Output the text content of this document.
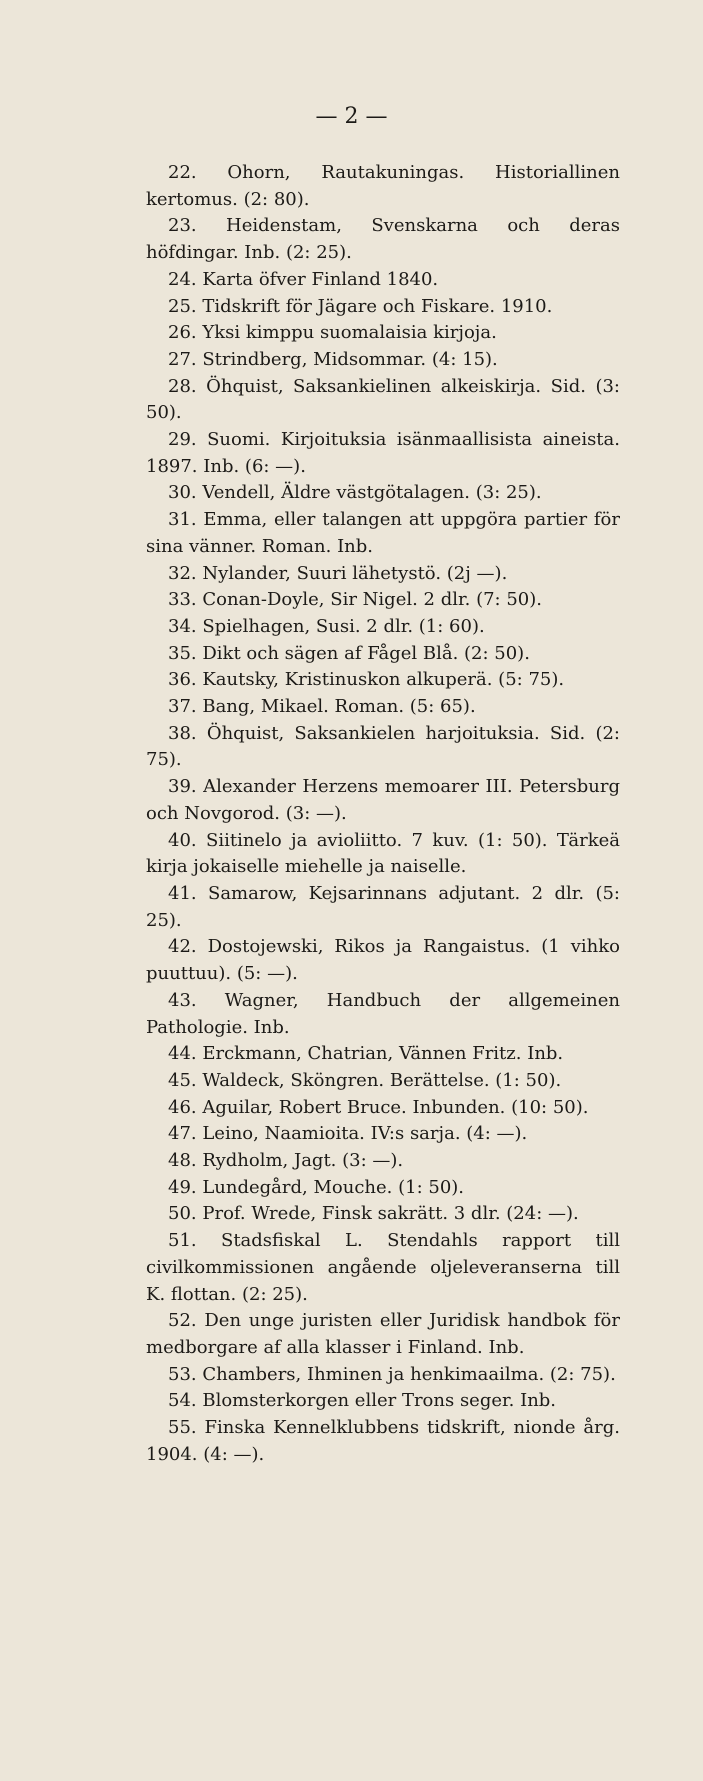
— 2 —

22. Ohorn, Rautakuningas. Historiallinen kertomus. (2: 80).

23. Heidenstam, Svenskarna och deras höfdingar. Inb. (2: 25).

24. Karta öfver Finland 1840.

25. Tidskrift för Jägare och Fiskare. 1910.

26. Yksi kimppu suomalaisia kirjoja.

27. Strindberg, Midsommar. (4: 15).

28. Öhquist, Saksankielinen alkeiskirja. Sid. (3: 50).

29. Suomi. Kirjoituksia isänmaallisista aineista. 1897. Inb. (6: —).

30. Vendell, Äldre västgötalagen. (3: 25).

31. Emma, eller talangen att uppgöra partier för sina vänner. Roman. Inb.

32. Nylander, Suuri lähetystö. (2j —).

33. Conan-Doyle, Sir Nigel. 2 dlr. (7: 50).

34. Spielhagen, Susi. 2 dlr. (1: 60).

35. Dikt och sägen af Fågel Blå. (2: 50).

36. Kautsky, Kristinuskon alkuperä. (5: 75).

37. Bang, Mikael. Roman. (5: 65).

38. Öhquist, Saksankielen harjoituksia. Sid. (2: 75).

39. Alexander Herzens memoarer III. Petersburg och Novgorod. (3: —).

40. Siitinelo ja avioliitto. 7 kuv. (1: 50). Tärkeä kirja jokaiselle miehelle ja naiselle.

41. Samarow, Kejsarinnans adjutant. 2 dlr. (5: 25).

42. Dostojewski, Rikos ja Rangaistus. (1 vihko puuttuu). (5: —).

43. Wagner, Handbuch der allgemeinen Pathologie. Inb.

44. Erckmann, Chatrian, Vännen Fritz. Inb.

45. Waldeck, Sköngren. Berättelse. (1: 50).

46. Aguilar, Robert Bruce. Inbunden. (10: 50).

47. Leino, Naamioita. IV:s sarja. (4: —).

48. Rydholm, Jagt. (3: —).

49. Lundegård, Mouche. (1: 50).

50. Prof. Wrede, Finsk sakrätt. 3 dlr. (24: —).

51. Stadsfiskal L. Stendahls rapport till civilkommissionen angående oljeleveranserna till K. flottan. (2: 25).

52. Den unge juristen eller Juridisk handbok för medborgare af alla klasser i Finland. Inb.

53. Chambers, Ihminen ja henkimaailma. (2: 75).

54. Blomsterkorgen eller Trons seger. Inb.

55. Finska Kennelklubbens tidskrift, nionde årg. 1904. (4: —).
